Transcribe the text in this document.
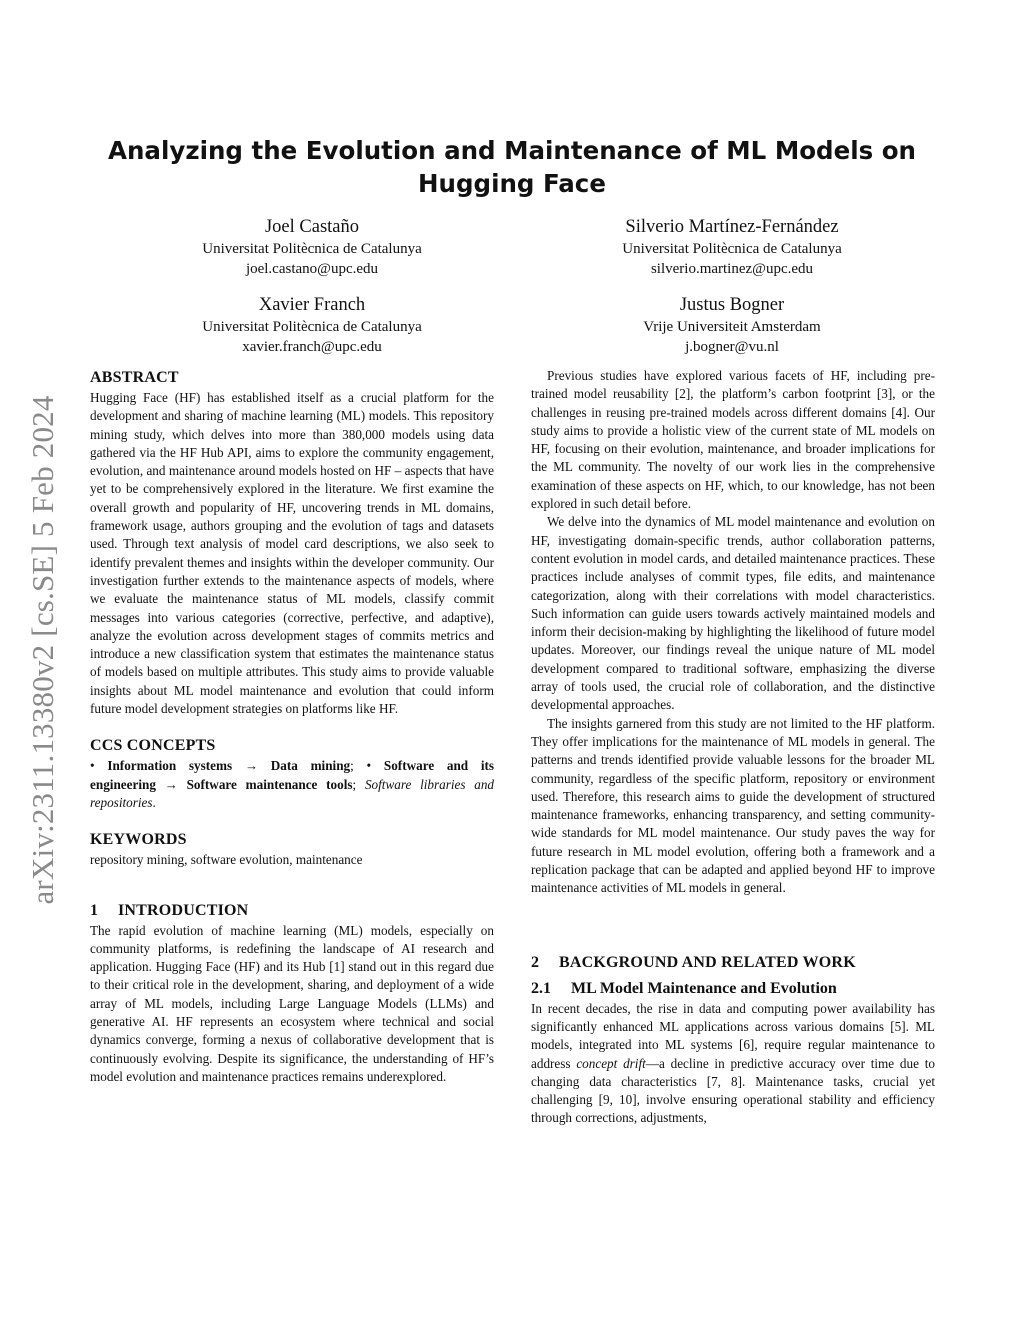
arXiv:2311.13380v2 [cs.SE] 5 Feb 2024
Analyzing the Evolution and Maintenance of ML Models on Hugging Face
Joel Castaño
Universitat Politècnica de Catalunya
joel.castano@upc.edu
Silverio Martínez-Fernández
Universitat Politècnica de Catalunya
silverio.martinez@upc.edu
Xavier Franch
Universitat Politècnica de Catalunya
xavier.franch@upc.edu
Justus Bogner
Vrije Universiteit Amsterdam
j.bogner@vu.nl
ABSTRACT

Hugging Face (HF) has established itself as a crucial platform for the development and sharing of machine learning (ML) models. This repository mining study, which delves into more than 380,000 models using data gathered via the HF Hub API, aims to explore the community engagement, evolution, and maintenance around models hosted on HF – aspects that have yet to be comprehensively explored in the literature. We first examine the overall growth and popularity of HF, uncovering trends in ML domains, framework usage, authors grouping and the evolution of tags and datasets used. Through text analysis of model card descriptions, we also seek to identify prevalent themes and insights within the developer community. Our investigation further extends to the maintenance aspects of models, where we evaluate the maintenance status of ML models, classify commit messages into various categories (corrective, perfective, and adaptive), analyze the evolution across development stages of commits metrics and introduce a new classification system that estimates the maintenance status of models based on multiple attributes. This study aims to provide valuable insights about ML model maintenance and evolution that could inform future model development strategies on platforms like HF.

CCS CONCEPTS

• Information systems → Data mining; • Software and its engineering → Software maintenance tools; Software libraries and repositories.

KEYWORDS

repository mining, software evolution, maintenance

1 INTRODUCTION

The rapid evolution of machine learning (ML) models, especially on community platforms, is redefining the landscape of AI research and application. Hugging Face (HF) and its Hub [1] stand out in this regard due to their critical role in the development, sharing, and deployment of a wide array of ML models, including Large Language Models (LLMs) and generative AI. HF represents an ecosystem where technical and social dynamics converge, forming a nexus of collaborative development that is continuously evolving. Despite its significance, the understanding of HF’s model evolution and maintenance practices remains underexplored.

Previous studies have explored various facets of HF, including pre-trained model reusability [2], the platform’s carbon footprint [3], or the challenges in reusing pre-trained models across different domains [4]. Our study aims to provide a holistic view of the current state of ML models on HF, focusing on their evolution, maintenance, and broader implications for the ML community. The novelty of our work lies in the comprehensive examination of these aspects on HF, which, to our knowledge, has not been explored in such detail before.

We delve into the dynamics of ML model maintenance and evolution on HF, investigating domain-specific trends, author collaboration patterns, content evolution in model cards, and detailed maintenance practices. These practices include analyses of commit types, file edits, and maintenance categorization, along with their correlations with model characteristics. Such information can guide users towards actively maintained models and inform their decision-making by highlighting the likelihood of future model updates. Moreover, our findings reveal the unique nature of ML model development compared to traditional software, emphasizing the diverse array of tools used, the crucial role of collaboration, and the distinctive developmental approaches.

The insights garnered from this study are not limited to the HF platform. They offer implications for the maintenance of ML models in general. The patterns and trends identified provide valuable lessons for the broader ML community, regardless of the specific platform, repository or environment used. Therefore, this research aims to guide the development of structured maintenance frameworks, enhancing transparency, and setting community-wide standards for ML model maintenance. Our study paves the way for future research in ML model evolution, offering both a framework and a replication package that can be adapted and applied beyond HF to improve maintenance activities of ML models in general.

2 BACKGROUND AND RELATED WORK
2.1 ML Model Maintenance and Evolution

In recent decades, the rise in data and computing power availability has significantly enhanced ML applications across various domains [5]. ML models, integrated into ML systems [6], require regular maintenance to address concept drift—a decline in predictive accuracy over time due to changing data characteristics [7, 8]. Maintenance tasks, crucial yet challenging [9, 10], involve ensuring operational stability and efficiency through corrections, adjustments,
